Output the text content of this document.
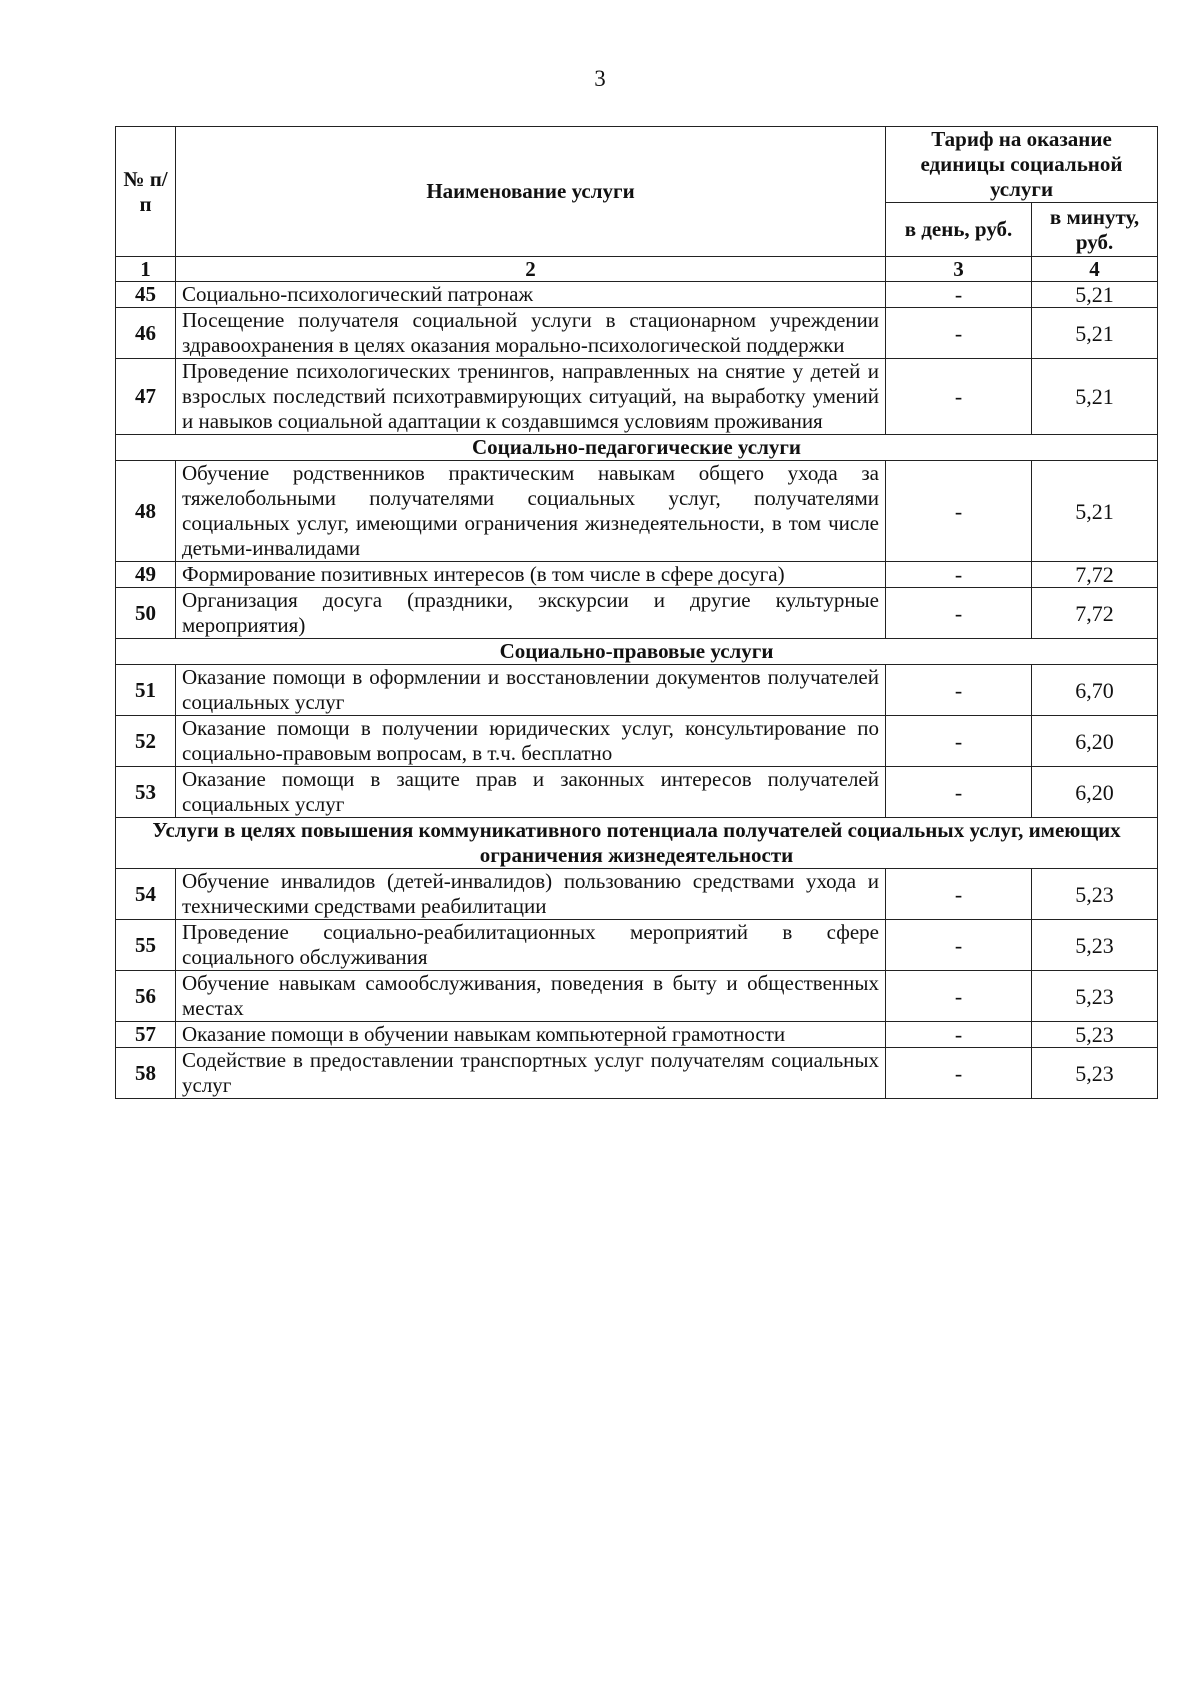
3
№ п/п	Наименование услуги	Тариф на оказание единицы социальной услуги	
		в день, руб.	в минуту, руб.
1	2	3	4
45	Социально-психологический патронаж	-	5,21
46	Посещение получателя социальной услуги в стационарном учреждении здравоохранения в целях оказания морально-психологической поддержки	-	5,21
47	Проведение психологических тренингов, направленных на снятие у детей и взрослых последствий психотравмирующих ситуаций, на выработку умений и навыков социальной адаптации к создавшимся условиям проживания	-	5,21
Социально-педагогические услуги			
48	Обучение родственников практическим навыкам общего ухода за тяжелобольными получателями социальных услуг, получателями социальных услуг, имеющими ограничения жизнедеятельности, в том числе детьми-инвалидами	-	5,21
49	Формирование позитивных интересов (в том числе в сфере досуга)	-	7,72
50	Организация досуга (праздники, экскурсии и другие культурные мероприятия)	-	7,72
Социально-правовые услуги			
51	Оказание помощи в оформлении и восстановлении документов получателей социальных услуг	-	6,70
52	Оказание помощи в получении юридических услуг, консультирование по социально-правовым вопросам, в т.ч. бесплатно	-	6,20
53	Оказание помощи в защите прав и законных интересов получателей социальных услуг	-	6,20
Услуги в целях повышения коммуникативного потенциала получателей социальных услуг, имеющих ограничения жизнедеятельности			
54	Обучение инвалидов (детей-инвалидов) пользованию средствами ухода и техническими средствами реабилитации	-	5,23
55	Проведение социально-реабилитационных мероприятий в сфере социального обслуживания	-	5,23
56	Обучение навыкам самообслуживания, поведения в быту и общественных местах	-	5,23
57	Оказание помощи в обучении навыкам компьютерной грамотности	-	5,23
58	Содействие в предоставлении транспортных услуг получателям социальных услуг	-	5,23
